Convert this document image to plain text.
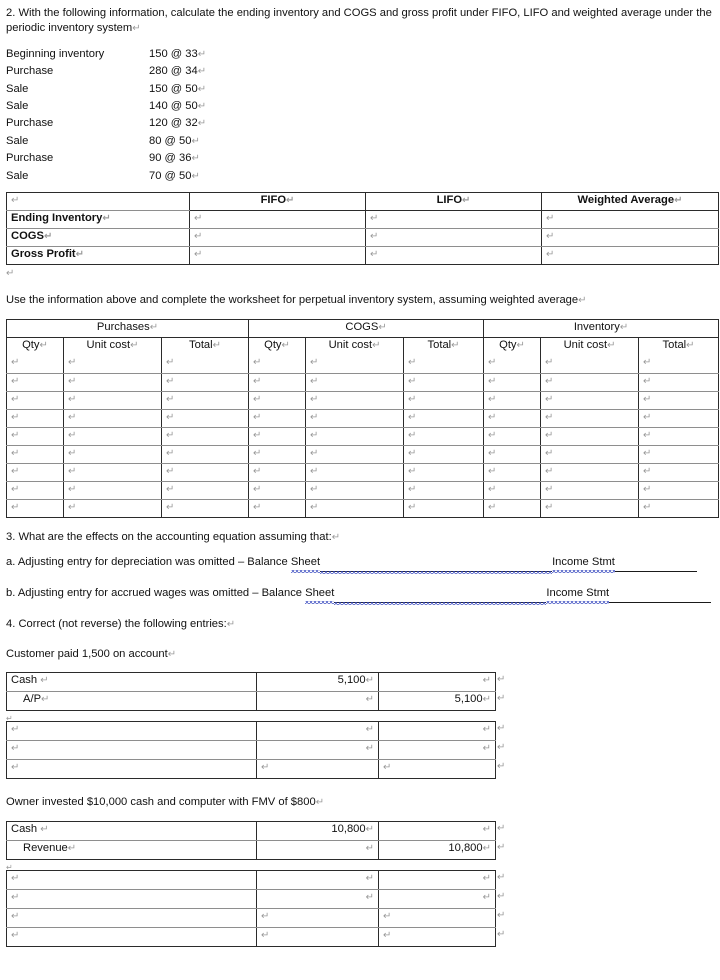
2. With the following information, calculate the ending inventory and COGS and gross profit under FIFO, LIFO and weighted average under the periodic inventory system↵
Beginning inventory	150 @ 33 ↵
Purchase	280 @ 34 ↵
Sale	150 @ 50 ↵
Sale	140 @ 50 ↵
Purchase	120 @ 32 ↵
Sale	80 @ 50 ↵
Purchase	90 @ 36 ↵
Sale	70 @ 50 ↵
↵	FIFO↵	LIFO↵	Weighted Average↵
Ending Inventory↵	↵	↵	↵
COGS↵	↵	↵	↵
Gross Profit↵	↵	↵	↵
↵
Use the information above and complete the worksheet for perpetual inventory system, assuming weighted average↵
Purchases↵			COGS↵			Inventory↵		
Qty↵	Unit cost↵	Total↵	Qty↵	Unit cost↵	Total↵	Qty↵	Unit cost↵	Total↵
↵	↵	↵	↵	↵	↵	↵	↵	↵
↵	↵	↵	↵	↵	↵	↵	↵	↵
↵	↵	↵	↵	↵	↵	↵	↵	↵
↵	↵	↵	↵	↵	↵	↵	↵	↵
↵	↵	↵	↵	↵	↵	↵	↵	↵
↵	↵	↵	↵	↵	↵	↵	↵	↵
↵	↵	↵	↵	↵	↵	↵	↵	↵
↵	↵	↵	↵	↵	↵	↵	↵	↵
↵	↵	↵	↵	↵	↵	↵	↵	↵
3. What are the effects on the accounting equation assuming that:↵
a. Adjusting entry for depreciation was omitted – Balance Sheet	Income Stmt
b. Adjusting entry for accrued wages was omitted – Balance Sheet	Income Stmt
4. Correct (not reverse) the following entries:↵
Customer paid 1,500 on account↵
Cash ↵	5,100↵	↵
A/P↵	↵	5,100↵
↵
↵
↵
↵	↵	↵
↵	↵	↵
↵	↵	↵
↵
↵
↵
Owner invested $10,000 cash and computer with FMV of $800↵
Cash ↵	10,800↵	↵
Revenue↵	↵	10,800↵
↵
↵
↵
↵	↵	↵
↵	↵	↵
↵	↵	↵
↵	↵	↵
↵
↵
↵
↵
